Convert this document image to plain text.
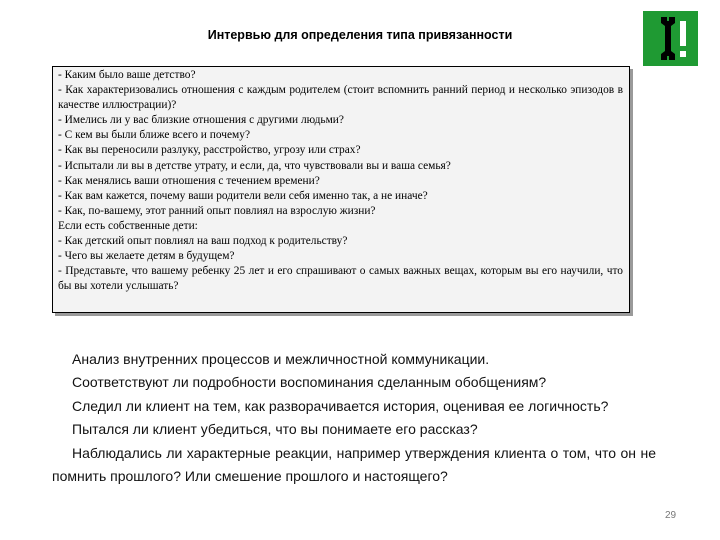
Интервью для определения типа привязанности
- Каким было ваше детство?
- Как характеризовались отношения с каждым родителем (стоит вспомнить ранний период и несколько эпизодов в качестве иллюстрации)?
- Имелись ли у вас близкие отношения с другими людьми?
- С кем вы были ближе всего и почему?
- Как вы переносили разлуку, расстройство, угрозу или страх?
- Испытали ли вы в детстве утрату, и если, да, что чувствовали вы и ваша семья?
- Как менялись ваши отношения с течением времени?
- Как вам кажется, почему ваши родители вели себя именно так, а не иначе?
- Как, по-вашему, этот ранний опыт повлиял на взрослую жизни?
Если есть собственные дети:
- Как детский опыт повлиял на ваш подход к родительству?
- Чего вы желаете детям в будущем?
- Представьте, что вашему ребенку 25 лет и его спрашивают о самых важных вещах, которым вы его научили, что бы вы хотели услышать?
Анализ внутренних процессов и межличностной коммуникации.
Соответствуют ли подробности воспоминания сделанным обобщениям?
Следил ли клиент на тем, как разворачивается история, оценивая ее логичность?
Пытался ли клиент убедиться, что вы понимаете его рассказ?
Наблюдались ли характерные реакции, например утверждения клиента о том, что он не помнить прошлого? Или смешение прошлого и настоящего?
29
